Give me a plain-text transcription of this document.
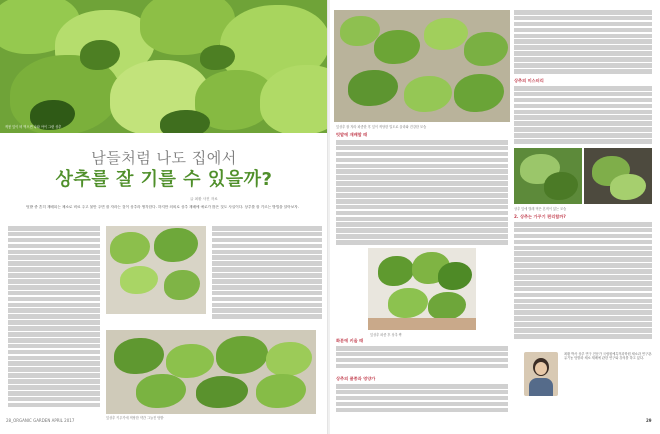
적봉 잎이 비 먹으면 나타 아이 그린 상추
남들처럼 나도 집에서
상추를 잘 기를 수 있을까?
글 최환 사진 자료
텃밭 중 흔히 재배되는 채소로 비료 주고 물만 주면 잘 자라는 것이 상추라 생각한다. 하지만 의외로 상추 재배에 애로가 많은 것도 사실이다. 상추를 잘 기르는 방법을 알아보자.
잎상추 키우기에 적당한 약간 그늘진 텃밭
28_ORGANIC GARDEN APRIL 2017
잎상추 잘 자라 파종한 후 잎이 적당한 밀도로 올라와 건강한 모습
텃밭에 재배할 때
잎상추 파종 후 상추 싹
화분에 키울 때
상추의 품종과 영양가
상추의 미스터리
상추 잎에 벌레 먹은 흔적이 있는 모습
2. 상추는 가꾸기 편리할까?
최환 박사 상추 연구 전문가 국립원예특작과학원 채소과 연구관. 유기농 텃밭과 채소 재배에 관한 연구와 강의를 하고 있다.
29
